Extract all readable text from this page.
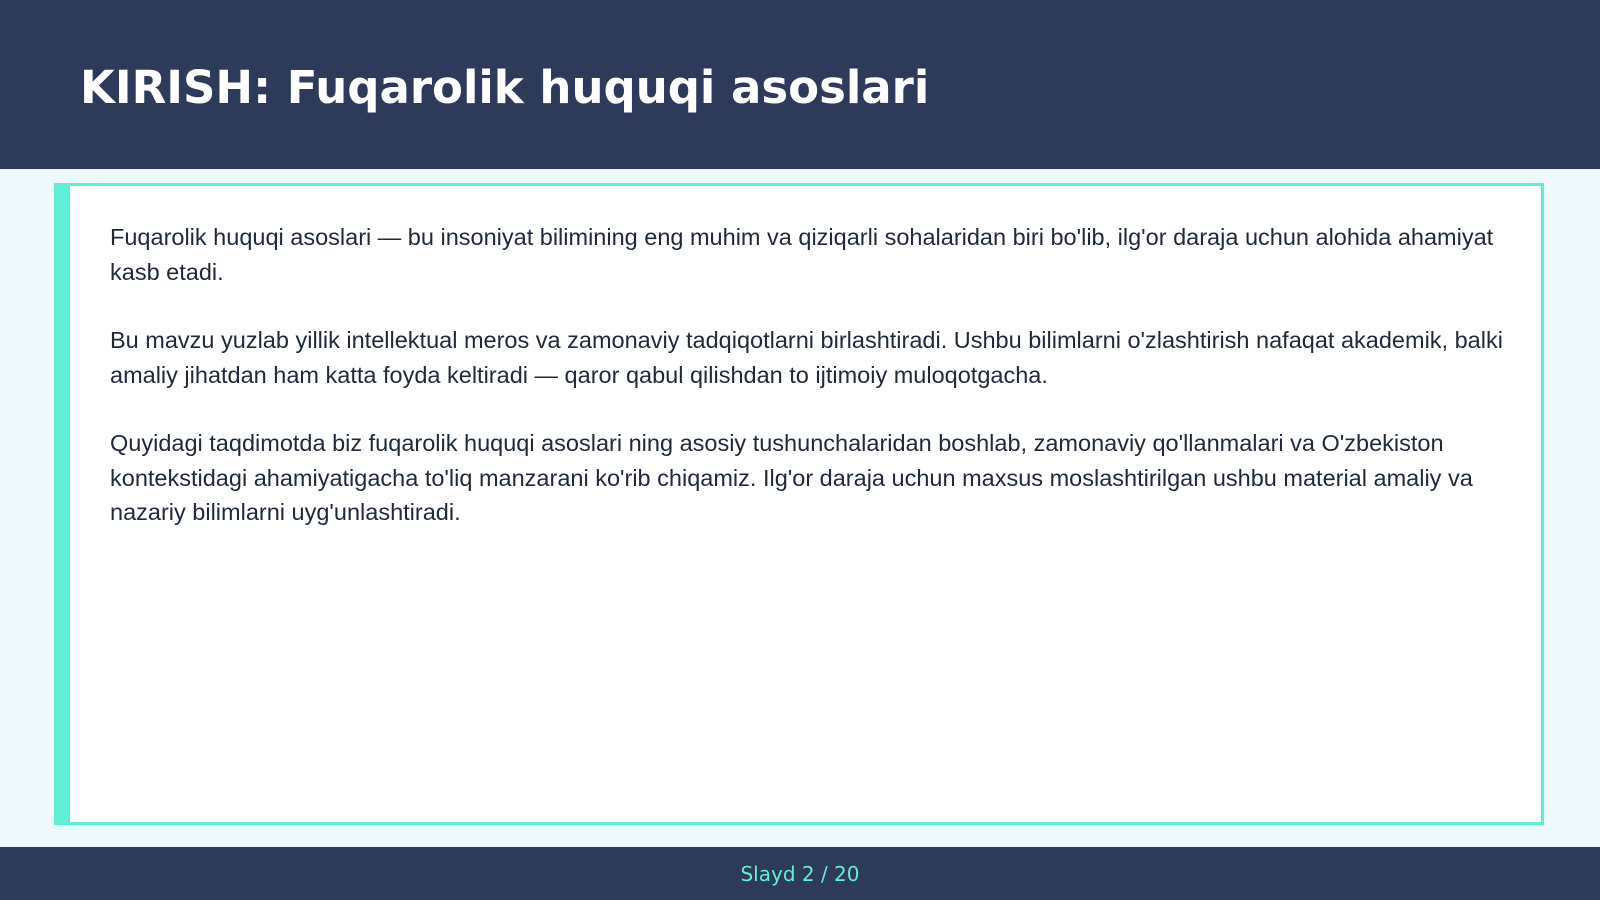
KIRISH: Fuqarolik huquqi asoslari

Fuqarolik huquqi asoslari — bu insoniyat bilimining eng muhim va qiziqarli sohalaridan biri bo'lib, ilg'or daraja uchun alohida ahamiyat kasb etadi.

Bu mavzu yuzlab yillik intellektual meros va zamonaviy tadqiqotlarni birlashtiradi. Ushbu bilimlarni o'zlashtirish nafaqat akademik, balki amaliy jihatdan ham katta foyda keltiradi — qaror qabul qilishdan to ijtimoiy muloqotgacha.

Quyidagi taqdimotda biz fuqarolik huquqi asoslari ning asosiy tushunchalaridan boshlab, zamonaviy qo'llanmalari va O'zbekiston kontekstidagi ahamiyatigacha to'liq manzarani ko'rib chiqamiz. Ilg'or daraja uchun maxsus moslashtirilgan ushbu material amaliy va nazariy bilimlarni uyg'unlashtiradi.

Slayd 2 / 20
